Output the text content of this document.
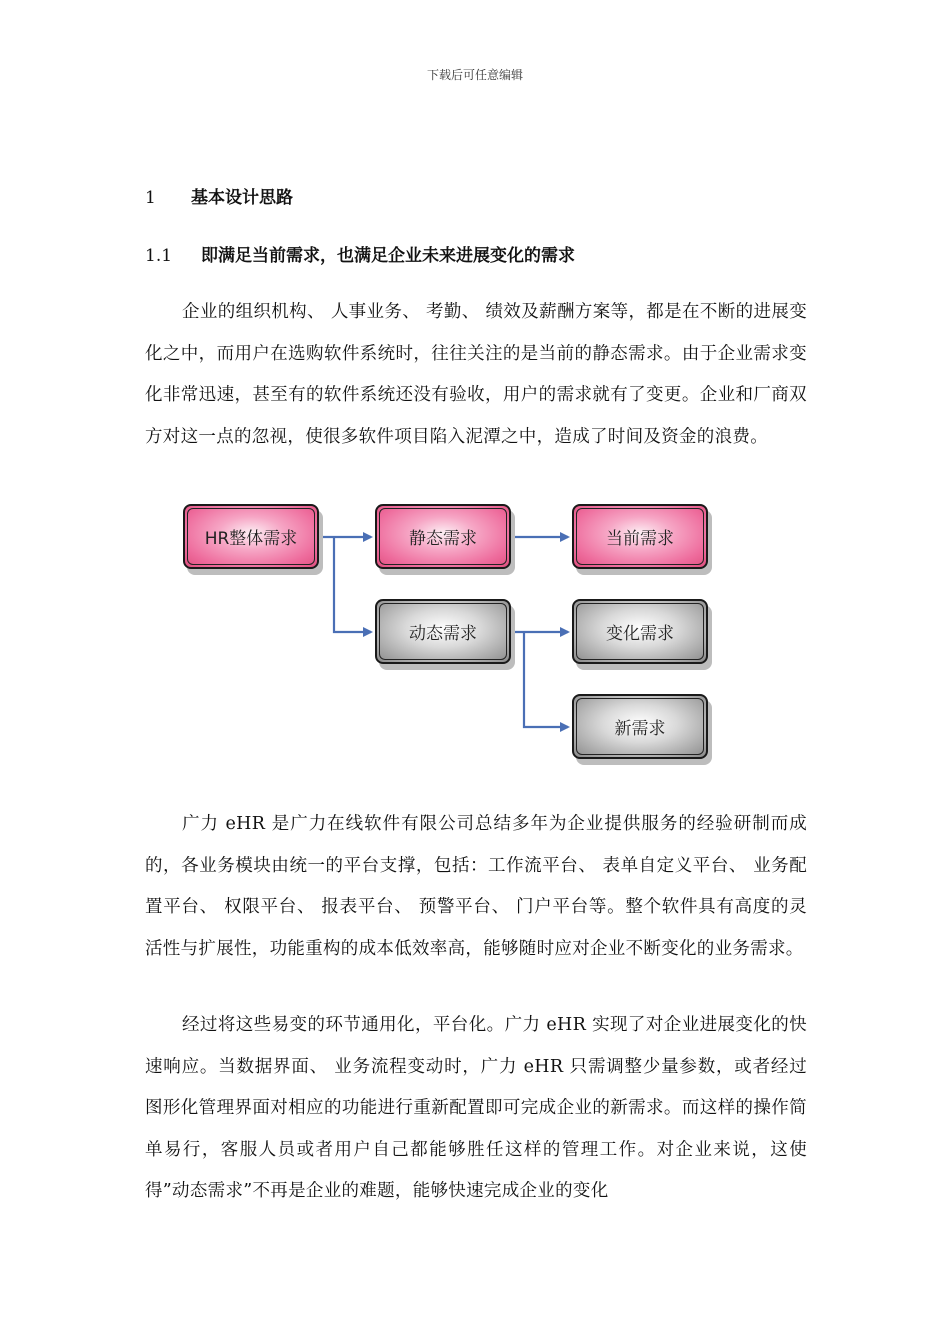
下载后可任意编辑
1 基本设计思路
1.1 即满足当前需求，也满足企业未来进展变化的需求

企业的组织机构、 人事业务、 考勤、 绩效及薪酬方案等，都是在不断的进展变化之中，而用户在选购软件系统时，往往关注的是当前的静态需求。由于企业需求变化非常迅速，甚至有的软件系统还没有验收，用户的需求就有了变更。企业和厂商双方对这一点的忽视，使很多软件项目陷入泥潭之中，造成了时间及资金的浪费。

HR整体需求	静态需求	当前需求
动态需求	变化需求
新需求

广力 eHR 是广力在线软件有限公司总结多年为企业提供服务的经验研制而成的，各业务模块由统一的平台支撑，包括：工作流平台、 表单自定义平台、 业务配置平台、 权限平台、 报表平台、 预警平台、 门户平台等。整个软件具有高度的灵活性与扩展性，功能重构的成本低效率高，能够随时应对企业不断变化的业务需求。

经过将这些易变的环节通用化，平台化。广力 eHR 实现了对企业进展变化的快速响应。当数据界面、 业务流程变动时，广力 eHR 只需调整少量参数，或者经过图形化管理界面对相应的功能进行重新配置即可完成企业的新需求。而这样的操作简单易行，客服人员或者用户自己都能够胜任这样的管理工作。对企业来说，这使得”动态需求”不再是企业的难题，能够快速完成企业的变化
